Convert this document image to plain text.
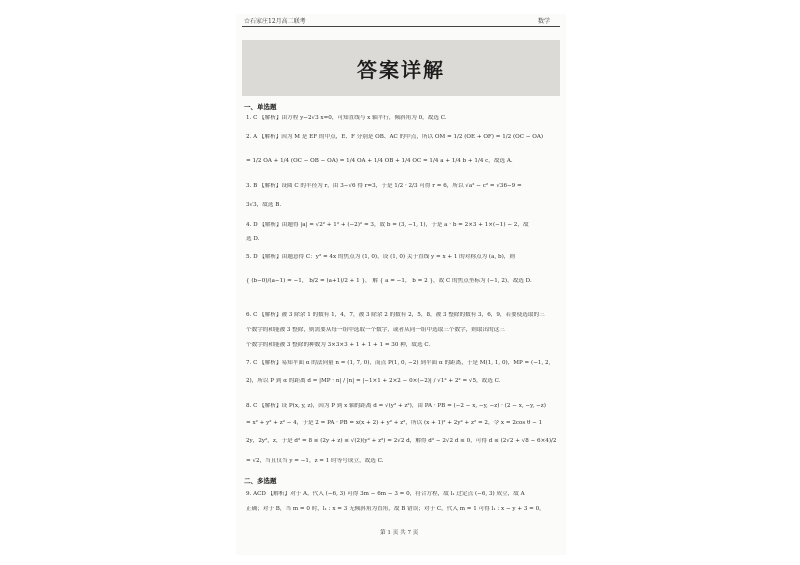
☆石家庄12月高二联考	数学
答案详解
一、单选题
1. C 【解析】由方程 y−2√3 x=0，可知直线与 x 轴平行，倾斜角为 0，故选 C.
2. A 【解析】因为 M 是 EF 的中点，E、F 分别是 OB、AC 的中点，所以 OM = 1/2 (OE + OF) = 1/2 (OC − OA)
= 1/2 OA + 1/4 (OC − OB − OA) = 1/4 OA + 1/4 OB + 1/4 OC = 1/4 a + 1/4 b + 1/4 c，故选 A.
3. B 【解析】设圆 C 的半径为 r，由 3−√6 得 r=3，于是 1/2 · 2/3 可得 r = 6，所以 √a² − c² = √36−9 =
3√3，故选 B.
4. D 【解析】由题得 |a| = √2² + 1² + (−2)² = 3，故 b = (3, −1, 1)，于是 a · b = 2×3 + 1×(−1) − 2，故
选 D.
5. D 【解析】由题意得 C：y² = 4x 的焦点为 (1, 0)，设 (1, 0) 关于直线 y = x + 1 的对称点为 (a, b)，则
{ (b−0)/(a−1) = −1， b/2 = (a+1)/2 + 1 }， 解 { a = −1， b = 2 }，故 C 的焦点坐标为 (−1, 2)，故选 D.
6. C 【解析】被 3 除余 1 的数有 1，4，7，被 3 除余 2 的数有 2，5，8，被 3 整除的数有 3，6，9，若要使选取的三
个数字的和能被 3 整除，则需要从每一组中选取一个数字，或者从同一组中选取三个数字，则取出的这三
个数字的和能被 3 整除的种数为 3×3×3 + 1 + 1 + 1 = 30 种，故选 C.
7. C 【解析】易知平面 α 的法向量 n = (1, 7, 0)，而点 P(1, 0, −2) 到平面 α 的距离，于是 M(1, 1, 0)，MP = (−1, 2,
2)，所以 P 到 α 的距离 d = |MP · n| / |n| = |−1×1 + 2×2 − 0×(−2)| / √1² + 2² = √5，故选 C.
8. C 【解析】设 P(x, y, z)，因为 P 到 x 轴的距离 d = √(y² + z²)，由 PA · PB = (−2 − x, −y, −z) · (2 − x, −y, −z)
= x² + y² + z² − 4，于是 2 = PA · PB = x(x + 2) + y² + z²，所以 (x + 1)² + 2y² + z² = 2，令 x = 2cos θ − 1
2y，2y²，z，于是 d² = 8 ≤ (2y + z) ≤ √(2)(y² + z²) = 2√2 d，解得 d² − 2√2 d ≤ 0，可得 d ≤ (2√2 + √8 − 6×4)/2
= √2，当且仅当 y = −1，z = 1 时等号成立，故选 C.
二、多选题
9. ACD 【解析】对于 A，代入 (−6, 3) 可得 3m − 6m − 3 = 0，符合方程，故 l₁ 过定点 (−6, 3) 成立，故 A
正确；对于 B，当 m = 0 时，l₁ : x = 3 无倾斜角为直角，故 B 错误；对于 C，代入 m = 1 可得 l₁ : x − y + 3 = 0，
第 1 页 共 7 页
